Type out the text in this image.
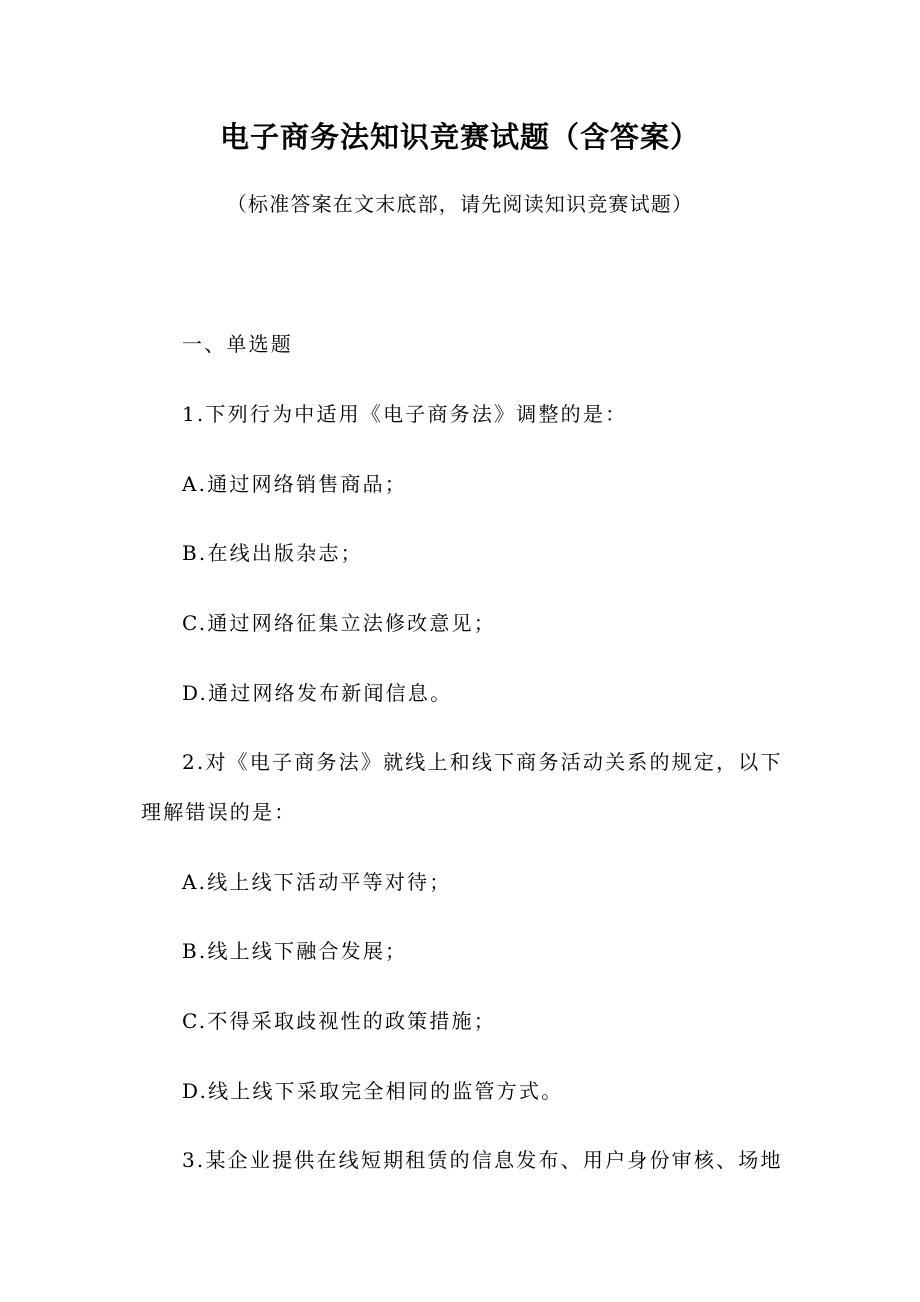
电子商务法知识竞赛试题（含答案）

（标准答案在文末底部，请先阅读知识竞赛试题）

一、单选题

1.下列行为中适用《电子商务法》调整的是：

A.通过网络销售商品；

B.在线出版杂志；

C.通过网络征集立法修改意见；

D.通过网络发布新闻信息。

2.对《电子商务法》就线上和线下商务活动关系的规定，以下

理解错误的是：

A.线上线下活动平等对待；

B.线上线下融合发展；

C.不得采取歧视性的政策措施；

D.线上线下采取完全相同的监管方式。

3.某企业提供在线短期租赁的信息发布、用户身份审核、场地
